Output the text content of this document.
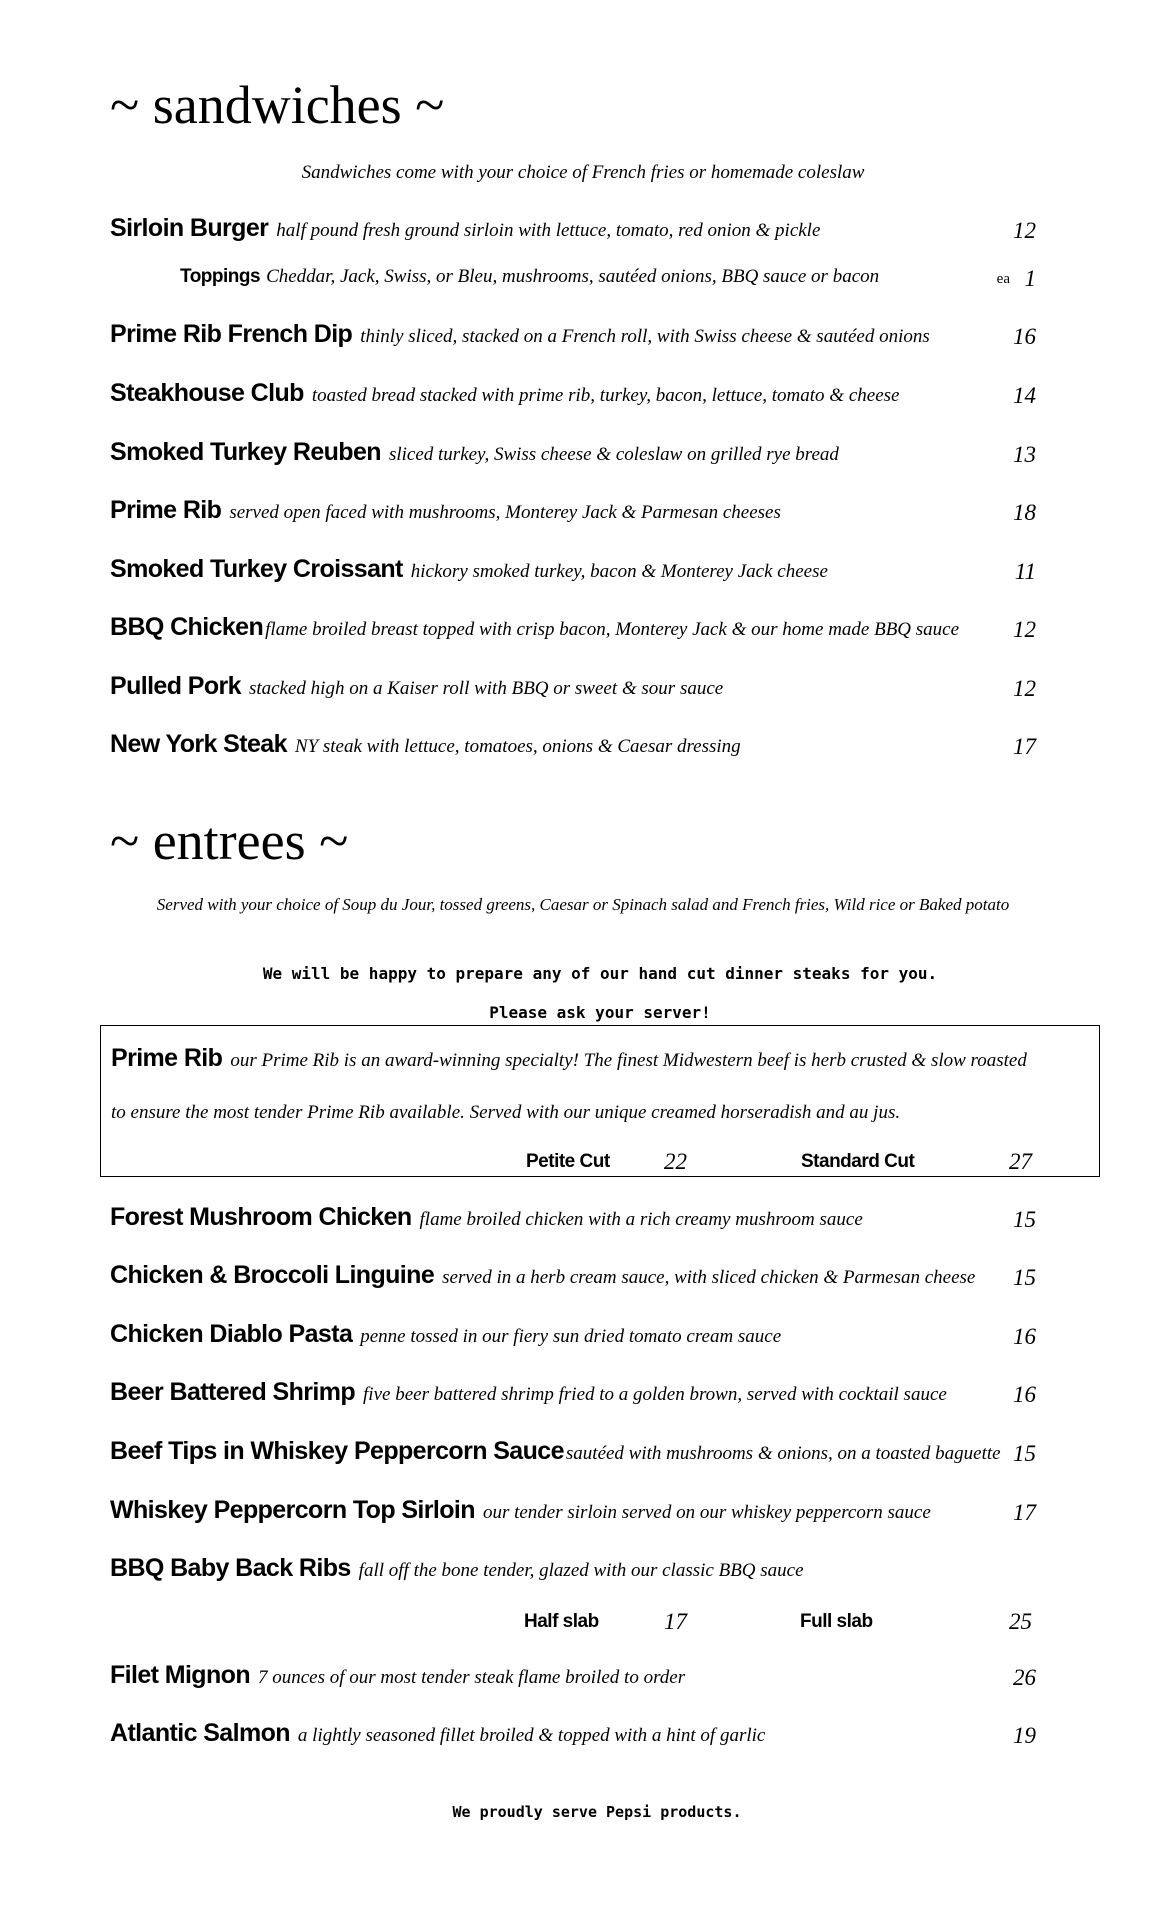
~ sandwiches ~
Sandwiches come with your choice of French fries or homemade coleslaw
Sirloin Burger half pound fresh ground sirloin with lettuce, tomato, red onion & pickle	12
Toppings Cheddar, Jack, Swiss, or Bleu, mushrooms, sautéed onions, BBQ sauce or bacon	ea 1
Prime Rib French Dip thinly sliced, stacked on a French roll, with Swiss cheese & sautéed onions	16
Steakhouse Club toasted bread stacked with prime rib, turkey, bacon, lettuce, tomato & cheese	14
Smoked Turkey Reuben sliced turkey, Swiss cheese & coleslaw on grilled rye bread	13
Prime Rib served open faced with mushrooms, Monterey Jack & Parmesan cheeses	18
Smoked Turkey Croissant hickory smoked turkey, bacon & Monterey Jack cheese	11
BBQ Chicken flame broiled breast topped with crisp bacon, Monterey Jack & our home made BBQ sauce 12
Pulled Pork stacked high on a Kaiser roll with BBQ or sweet & sour sauce	12
New York Steak NY steak with lettuce, tomatoes, onions & Caesar dressing	17
~ entrees ~
Served with your choice of Soup du Jour, tossed greens, Caesar or Spinach salad and French fries, Wild rice or Baked potato
We will be happy to prepare any of our hand cut dinner steaks for you.
Please ask your server!
Prime Rib our Prime Rib is an award-winning specialty! The finest Midwestern beef is herb crusted & slow roasted
to ensure the most tender Prime Rib available. Served with our unique creamed horseradish and au jus.
Petite Cut 22	Standard Cut	27
Forest Mushroom Chicken flame broiled chicken with a rich creamy mushroom sauce	15
Chicken & Broccoli Linguine served in a herb cream sauce, with sliced chicken & Parmesan cheese 15
Chicken Diablo Pasta penne tossed in our fiery sun dried tomato cream sauce	16
Beer Battered Shrimp five beer battered shrimp fried to a golden brown, served with cocktail sauce	16
Beef Tips in Whiskey Peppercorn Sauce sautéed with mushrooms & onions, on a toasted baguette 15
Whiskey Peppercorn Top Sirloin our tender sirloin served on our whiskey peppercorn sauce	17
BBQ Baby Back Ribs fall off the bone tender, glazed with our classic BBQ sauce
Half slab	17	Full slab	25
Filet Mignon 7 ounces of our most tender steak flame broiled to order	26
Atlantic Salmon a lightly seasoned fillet broiled & topped with a hint of garlic	19
We proudly serve Pepsi products.
